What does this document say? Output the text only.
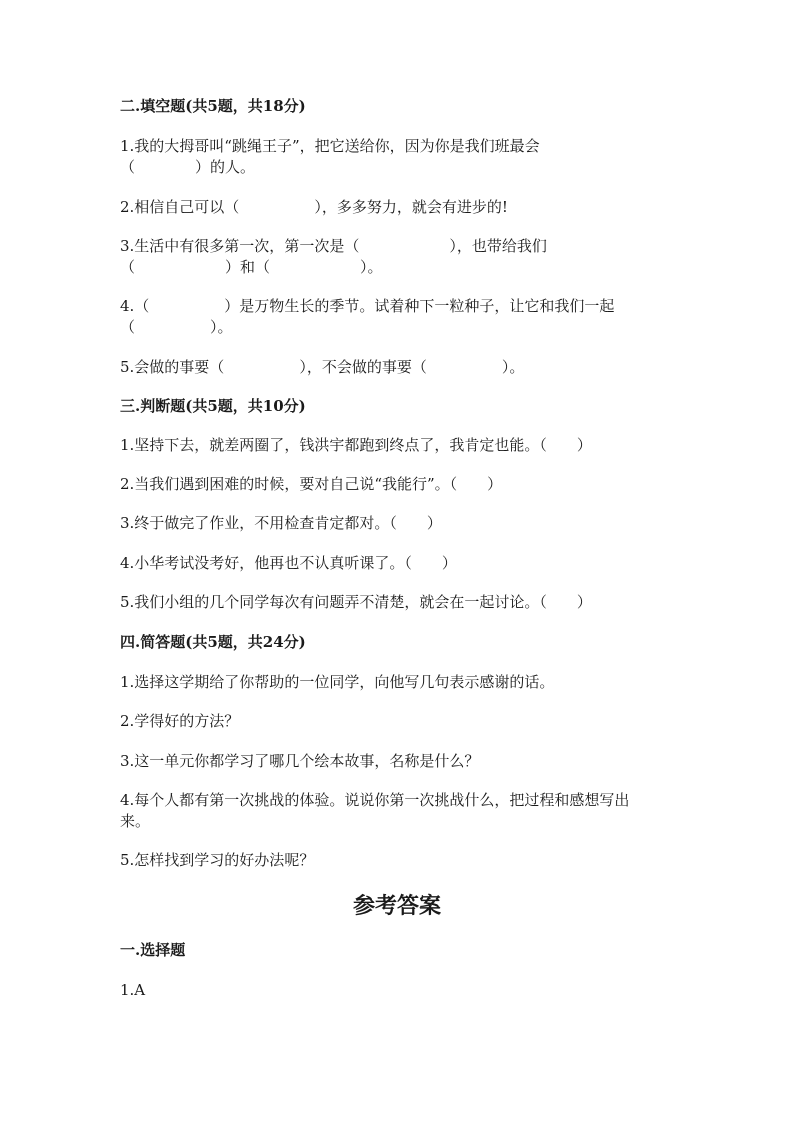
二.填空题(共5题，共18分)
1.我的大拇哥叫“跳绳王子”，把它送给你，因为你是我们班最会
（　　　　）的人。
2.相信自己可以（　　　　　），多多努力，就会有进步的!
3.生活中有很多第一次，第一次是（　　　　　　），也带给我们
（　　　　　　）和（　　　　　　）。
4.（　　　　　）是万物生长的季节。试着种下一粒种子，让它和我们一起
（　　　　　）。
5.会做的事要（　　　　　），不会做的事要（　　　　　）。
三.判断题(共5题，共10分)
1.坚持下去，就差两圈了，钱洪宇都跑到终点了，我肯定也能。（　　）
2.当我们遇到困难的时候，要对自己说“我能行”。（　　）
3.终于做完了作业，不用检查肯定都对。（　　）
4.小华考试没考好，他再也不认真听课了。（　　）
5.我们小组的几个同学每次有问题弄不清楚，就会在一起讨论。（　　）
四.简答题(共5题，共24分)
1.选择这学期给了你帮助的一位同学，向他写几句表示感谢的话。
2.学得好的方法？
3.这一单元你都学习了哪几个绘本故事，名称是什么？
4.每个人都有第一次挑战的体验。说说你第一次挑战什么，把过程和感想写出
来。
5.怎样找到学习的好办法呢？
参考答案
一.选择题
1.A
